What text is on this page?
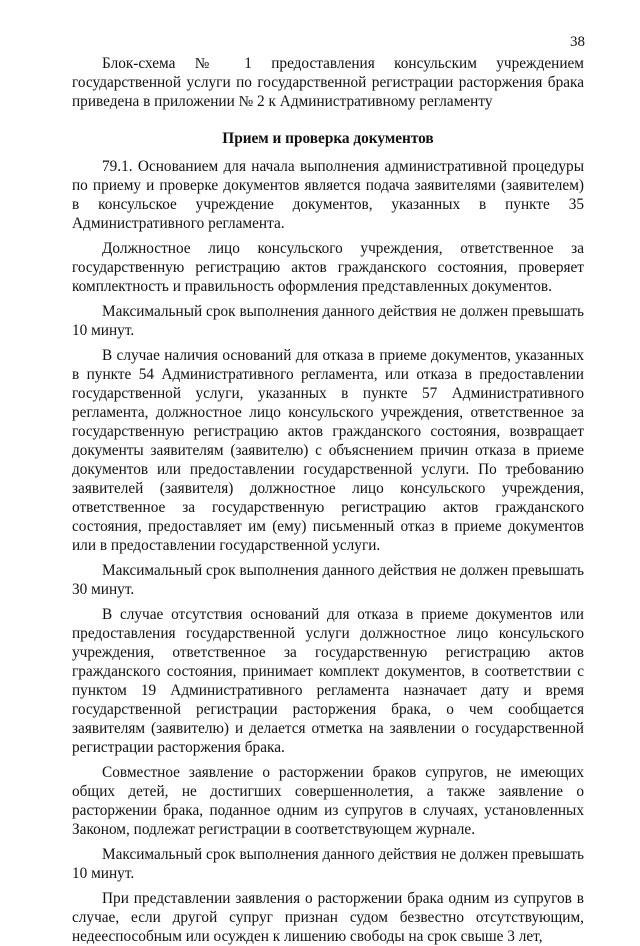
38

Блок-схема № 1 предоставления консульским учреждением государственной услуги по государственной регистрации расторжения брака приведена в приложении № 2 к Административному регламенту

Прием и проверка документов

79.1. Основанием для начала выполнения административной процедуры по приему и проверке документов является подача заявителями (заявителем) в консульское учреждение документов, указанных в пункте 35 Административного регламента.

Должностное лицо консульского учреждения, ответственное за государственную регистрацию актов гражданского состояния, проверяет комплектность и правильность оформления представленных документов.

Максимальный срок выполнения данного действия не должен превышать 10 минут.

В случае наличия оснований для отказа в приеме документов, указанных в пункте 54 Административного регламента, или отказа в предоставлении государственной услуги, указанных в пункте 57 Административного регламента, должностное лицо консульского учреждения, ответственное за государственную регистрацию актов гражданского состояния, возвращает документы заявителям (заявителю) с объяснением причин отказа в приеме документов или предоставлении государственной услуги. По требованию заявителей (заявителя) должностное лицо консульского учреждения, ответственное за государственную регистрацию актов гражданского состояния, предоставляет им (ему) письменный отказ в приеме документов или в предоставлении государственной услуги.

Максимальный срок выполнения данного действия не должен превышать 30 минут.

В случае отсутствия оснований для отказа в приеме документов или предоставления государственной услуги должностное лицо консульского учреждения, ответственное за государственную регистрацию актов гражданского состояния, принимает комплект документов, в соответствии с пунктом 19 Административного регламента назначает дату и время государственной регистрации расторжения брака, о чем сообщается заявителям (заявителю) и делается отметка на заявлении о государственной регистрации расторжения брака.

Совместное заявление о расторжении браков супругов, не имеющих общих детей, не достигших совершеннолетия, а также заявление о расторжении брака, поданное одним из супругов в случаях, установленных Законом, подлежат регистрации в соответствующем журнале.

Максимальный срок выполнения данного действия не должен превышать 10 минут.

При представлении заявления о расторжении брака одним из супругов в случае, если другой супруг признан судом безвестно отсутствующим, недееспособным или осужден к лишению свободы на срок свыше 3 лет,
